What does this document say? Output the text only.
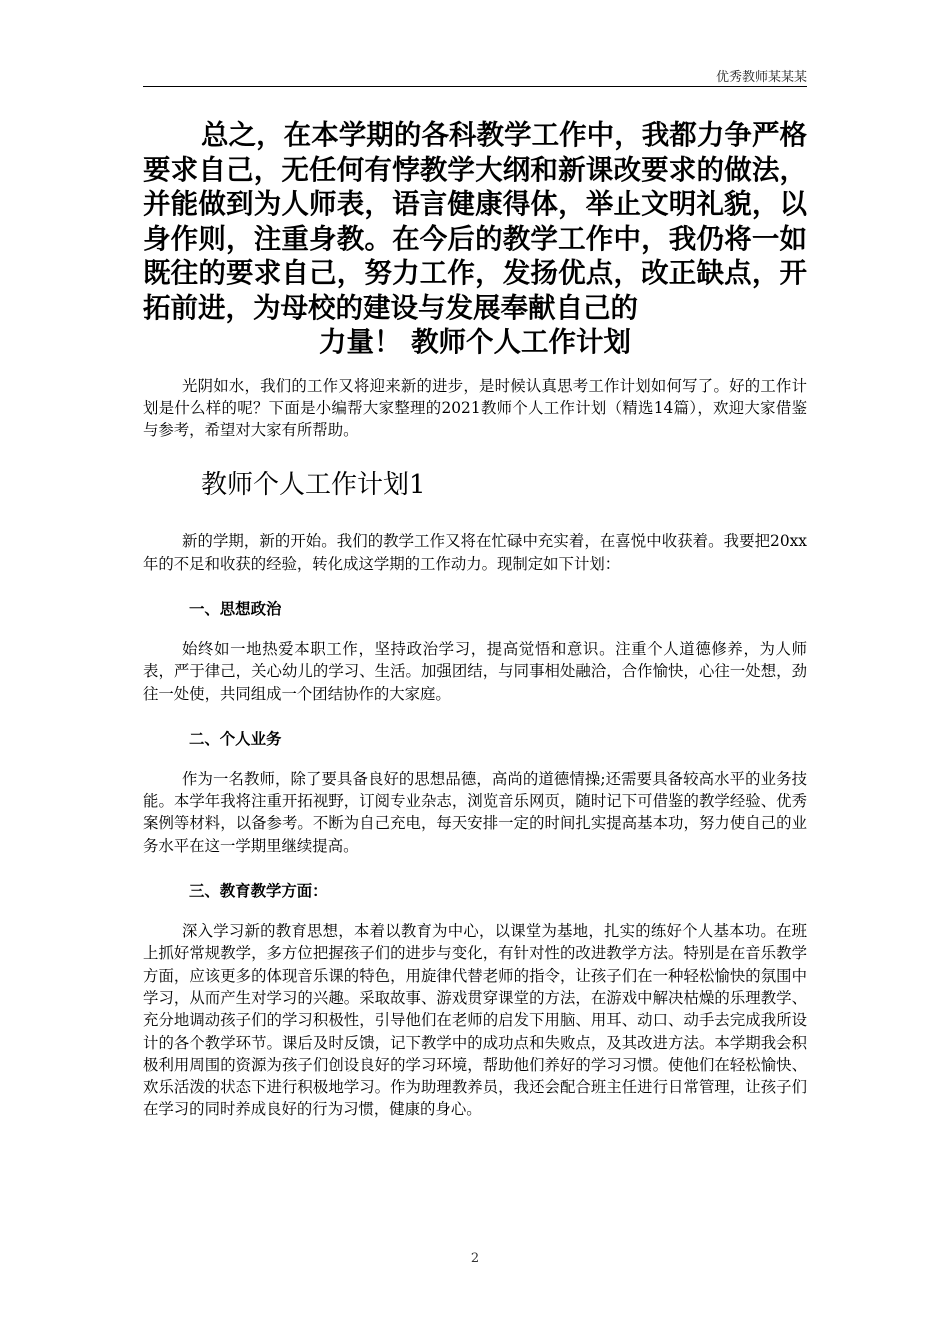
优秀教师某某某

总之，在本学期的各科教学工作中，我都力争严格要求自己，无任何有悖教学大纲和新课改要求的做法，并能做到为人师表，语言健康得体，举止文明礼貌，以身作则，注重身教。在今后的教学工作中，我仍将一如既往的要求自己，努力工作，发扬优点，改正缺点，开拓前进，为母校的建设与发展奉献自己的
力量！ 教师个人工作计划

光阴如水，我们的工作又将迎来新的进步，是时候认真思考工作计划如何写了。好的工作计划是什么样的呢？下面是小编帮大家整理的2021教师个人工作计划（精选14篇），欢迎大家借鉴与参考，希望对大家有所帮助。

教师个人工作计划1

新的学期，新的开始。我们的教学工作又将在忙碌中充实着，在喜悦中收获着。我要把20xx年的不足和收获的经验，转化成这学期的工作动力。现制定如下计划：

一、思想政治

始终如一地热爱本职工作，坚持政治学习，提高觉悟和意识。注重个人道德修养，为人师表，严于律己，关心幼儿的学习、生活。加强团结，与同事相处融洽，合作愉快，心往一处想，劲往一处使，共同组成一个团结协作的大家庭。

二、个人业务

作为一名教师，除了要具备良好的思想品德，高尚的道德情操;还需要具备较高水平的业务技能。本学年我将注重开拓视野，订阅专业杂志，浏览音乐网页，随时记下可借鉴的教学经验、优秀案例等材料，以备参考。不断为自己充电，每天安排一定的时间扎实提高基本功，努力使自己的业务水平在这一学期里继续提高。

三、教育教学方面：

深入学习新的教育思想，本着以教育为中心，以课堂为基地，扎实的练好个人基本功。在班上抓好常规教学，多方位把握孩子们的进步与变化，有针对性的改进教学方法。特别是在音乐教学方面，应该更多的体现音乐课的特色，用旋律代替老师的指令，让孩子们在一种轻松愉快的氛围中学习，从而产生对学习的兴趣。采取故事、游戏贯穿课堂的方法，在游戏中解决枯燥的乐理教学、充分地调动孩子们的学习积极性，引导他们在老师的启发下用脑、用耳、动口、动手去完成我所设计的各个教学环节。课后及时反馈，记下教学中的成功点和失败点，及其改进方法。本学期我会积极利用周围的资源为孩子们创设良好的学习环境，帮助他们养好的学习习惯。使他们在轻松愉快、欢乐活泼的状态下进行积极地学习。作为助理教养员，我还会配合班主任进行日常管理，让孩子们在学习的同时养成良好的行为习惯，健康的身心。

2
